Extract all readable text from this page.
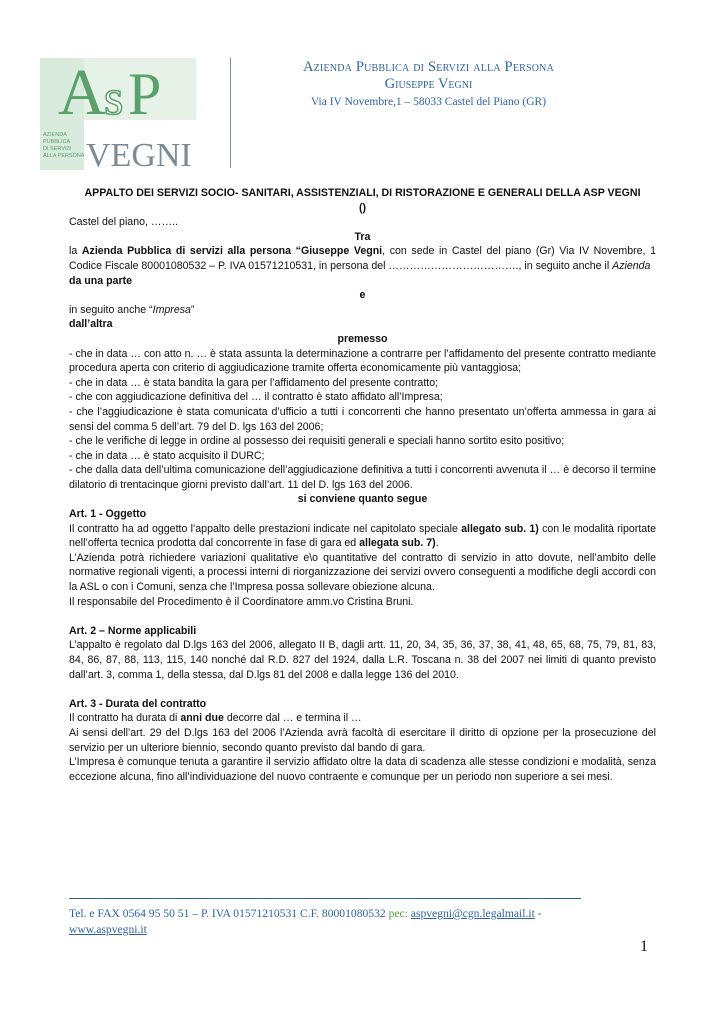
A
s P
AZIENDA
PUBBLICA
DI SERVIZI
ALLA PERSONA VEGNI
Azienda Pubblica di Servizi alla Persona
Giuseppe Vegni
Via IV Novembre,1 – 58033 Castel del Piano (GR)

APPALTO DEI SERVIZI SOCIO- SANITARI, ASSISTENZIALI, DI RISTORAZIONE E GENERALI DELLA ASP VEGNI

()

Castel del piano, ……..

Tra

la Azienda Pubblica di servizi alla persona “Giuseppe Vegni, con sede in Castel del piano (Gr) Via IV Novembre, 1 Codice Fiscale 80001080532 – P. IVA 01571210531, in persona del ………………………………., in seguito anche il Azienda

da una parte

e

in seguito anche “Impresa”

dall’altra

premesso

- che in data … con atto n. … è stata assunta la determinazione a contrarre per l’affidamento del presente contratto mediante procedura aperta con criterio di aggiudicazione tramite offerta economicamente più vantaggiosa;

- che in data … è stata bandita la gara per l’affidamento del presente contratto;

- che con aggiudicazione definitiva del … il contratto è stato affidato all’Impresa;

- che l’aggiudicazione è stata comunicata d’ufficio a tutti i concorrenti che hanno presentato un’offerta ammessa in gara ai sensi del comma 5 dell’art. 79 del D. lgs 163 del 2006;

- che le verifiche di legge in ordine al possesso dei requisiti generali e speciali hanno sortito esito positivo;

- che in data … è stato acquisito il DURC;

- che dalla data dell’ultima comunicazione dell’aggiudicazione definitiva a tutti i concorrenti avvenuta il … è decorso il termine dilatorio di trentacinque giorni previsto dall’art. 11 del D. lgs 163 del 2006.

si conviene quanto segue

Art. 1 - Oggetto

Il contratto ha ad oggetto l’appalto delle prestazioni indicate nel capitolato speciale allegato sub. 1) con le modalità riportate nell’offerta tecnica prodotta dal concorrente in fase di gara ed allegata sub. 7).

L’Azienda potrà richiedere variazioni qualitative e\o quantitative del contratto di servizio in atto dovute, nell’ambito delle normative regionali vigenti, a processi interni di riorganizzazione dei servizi ovvero conseguenti a modifiche degli accordi con la ASL o con i Comuni, senza che l’Impresa possa sollevare obiezione alcuna.

Il responsabile del Procedimento è il Coordinatore amm.vo Cristina Bruni.

Art. 2 – Norme applicabili

L’appalto è regolato dal D.lgs 163 del 2006, allegato II B, dagli artt. 11, 20, 34, 35, 36, 37, 38, 41, 48, 65, 68, 75, 79, 81, 83, 84, 86, 87, 88, 113, 115, 140 nonché dal R.D. 827 del 1924, dalla L.R. Toscana n. 38 del 2007 nei limiti di quanto previsto dall’art. 3, comma 1, della stessa, dal D.lgs 81 del 2008 e dalla legge 136 del 2010.

Art. 3 - Durata del contratto

Il contratto ha durata di anni due decorre dal … e termina il …

Ai sensi dell’art. 29 del D.lgs 163 del 2006 l’Azienda avrà facoltà di esercitare il diritto di opzione per la prosecuzione del servizio per un ulteriore biennio, secondo quanto previsto dal bando di gara.

L’Impresa è comunque tenuta a garantire il servizio affidato oltre la data di scadenza alle stesse condizioni e modalità, senza eccezione alcuna, fino all’individuazione del nuovo contraente e comunque per un periodo non superiore a sei mesi.

Tel. e FAX 0564 95 50 51 – P. IVA 01571210531 C.F. 80001080532 pec: aspvegni@cgn.legalmail.it -
www.aspvegni.it
1
